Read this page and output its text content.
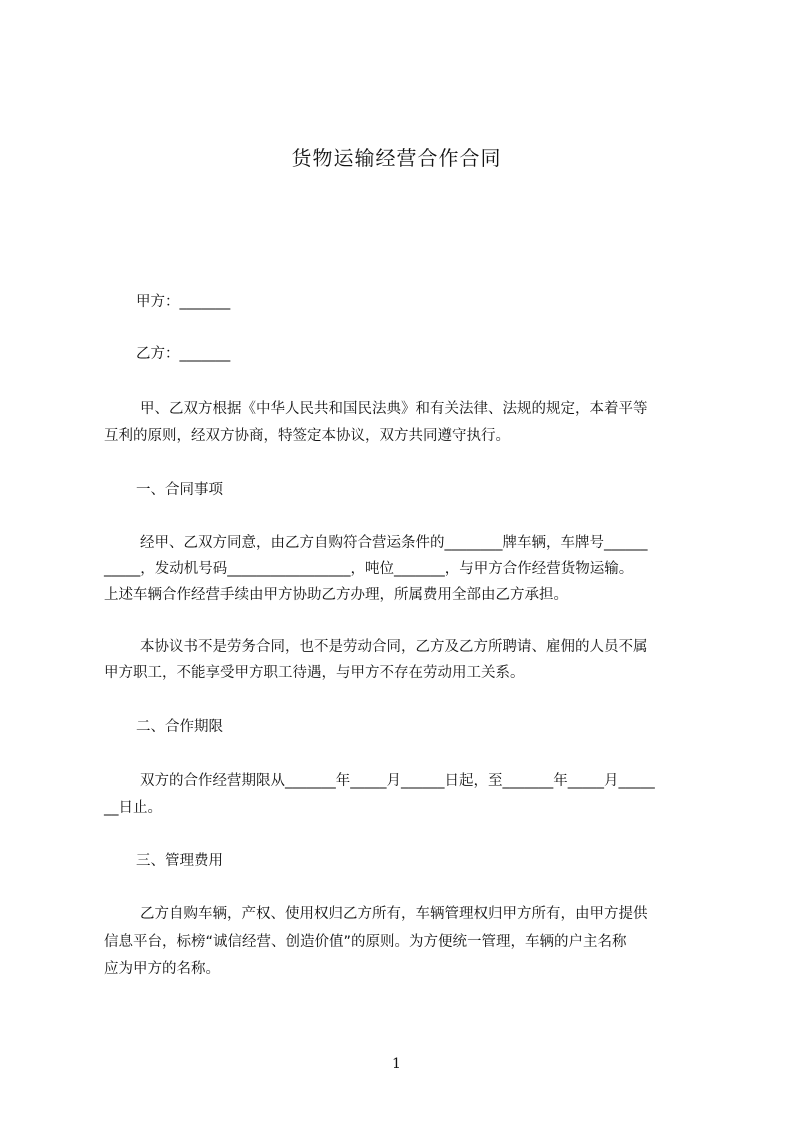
货物运输经营合作合同
甲方：_______
乙方：_______
甲、乙双方根据《中华人民共和国民法典》和有关法律、法规的规定，本着平等
互利的原则，经双方协商，特签定本协议，双方共同遵守执行。
一、合同事项
经甲、乙双方同意，由乙方自购符合营运条件的________牌车辆，车牌号______
_____，发动机号码_________________，吨位_______，与甲方合作经营货物运输。
上述车辆合作经营手续由甲方协助乙方办理，所属费用全部由乙方承担。
本协议书不是劳务合同，也不是劳动合同，乙方及乙方所聘请、雇佣的人员不属
甲方职工，不能享受甲方职工待遇，与甲方不存在劳动用工关系。
二、合作期限
双方的合作经营期限从_______年_____月______日起，至_______年_____月_____
__日止。
三、管理费用
乙方自购车辆，产权、使用权归乙方所有，车辆管理权归甲方所有，由甲方提供
信息平台，标榜“诚信经营、创造价值”的原则。为方便统一管理，车辆的户主名称
应为甲方的名称。
1
